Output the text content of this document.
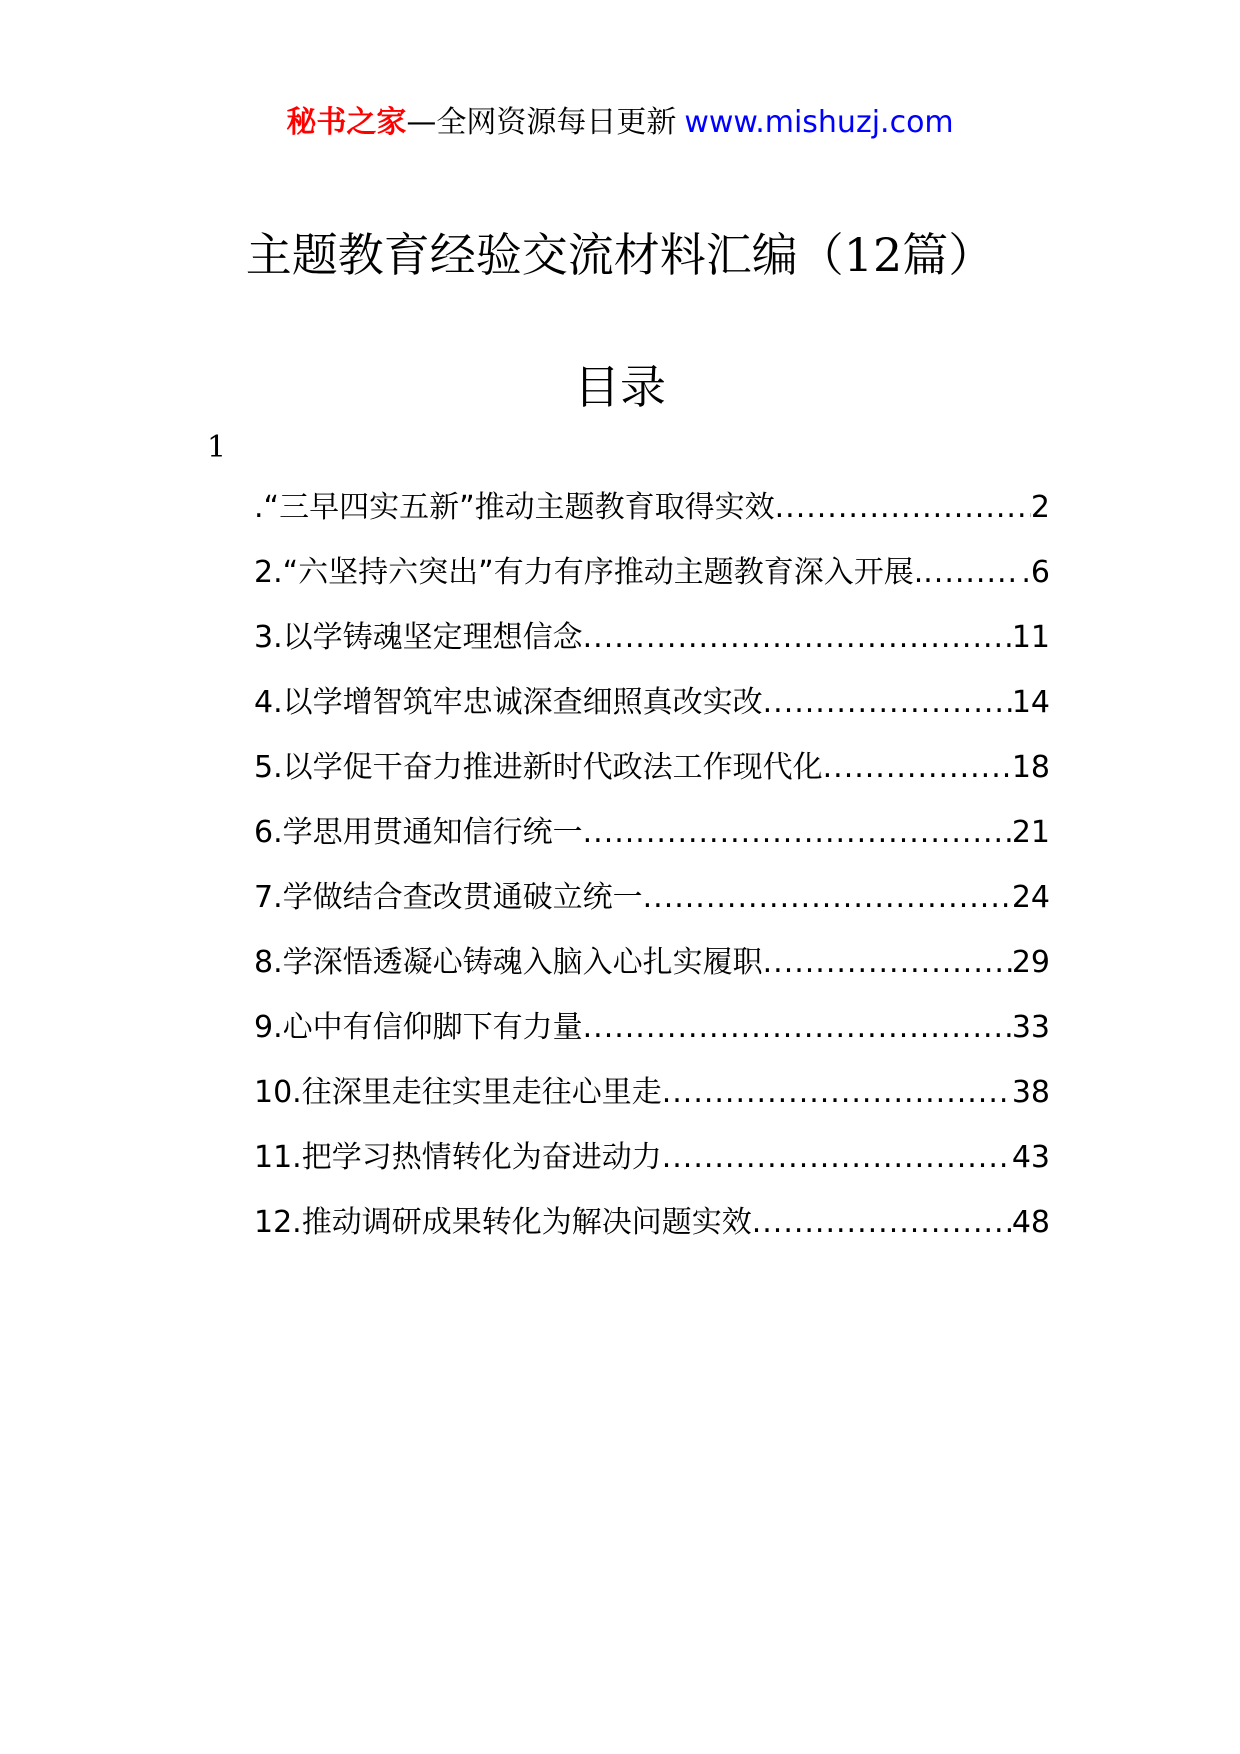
秘书之家—全网资源每日更新 www.mishuzj.com
主题教育经验交流材料汇编（12篇）
目录
1
.“三早四实五新”推动主题教育取得实效 .....	2
2.“六坚持六突出”有力有序推动主题教育深入开展. .....	.6
3.以学铸魂坚定理想信念 .....	11
4.以学增智筑牢忠诚深查细照真改实改 .....	14
5.以学促干奋力推进新时代政法工作现代化 .....	18
6.学思用贯通知信行统一 .....	21
7.学做结合查改贯通破立统一 .....	24
8.学深悟透凝心铸魂入脑入心扎实履职 .....	29
9.心中有信仰脚下有力量 .....	33
10.往深里走往实里走往心里走 .....	38
11.把学习热情转化为奋进动力 .....	43
12.推动调研成果转化为解决问题实效 .....	48
